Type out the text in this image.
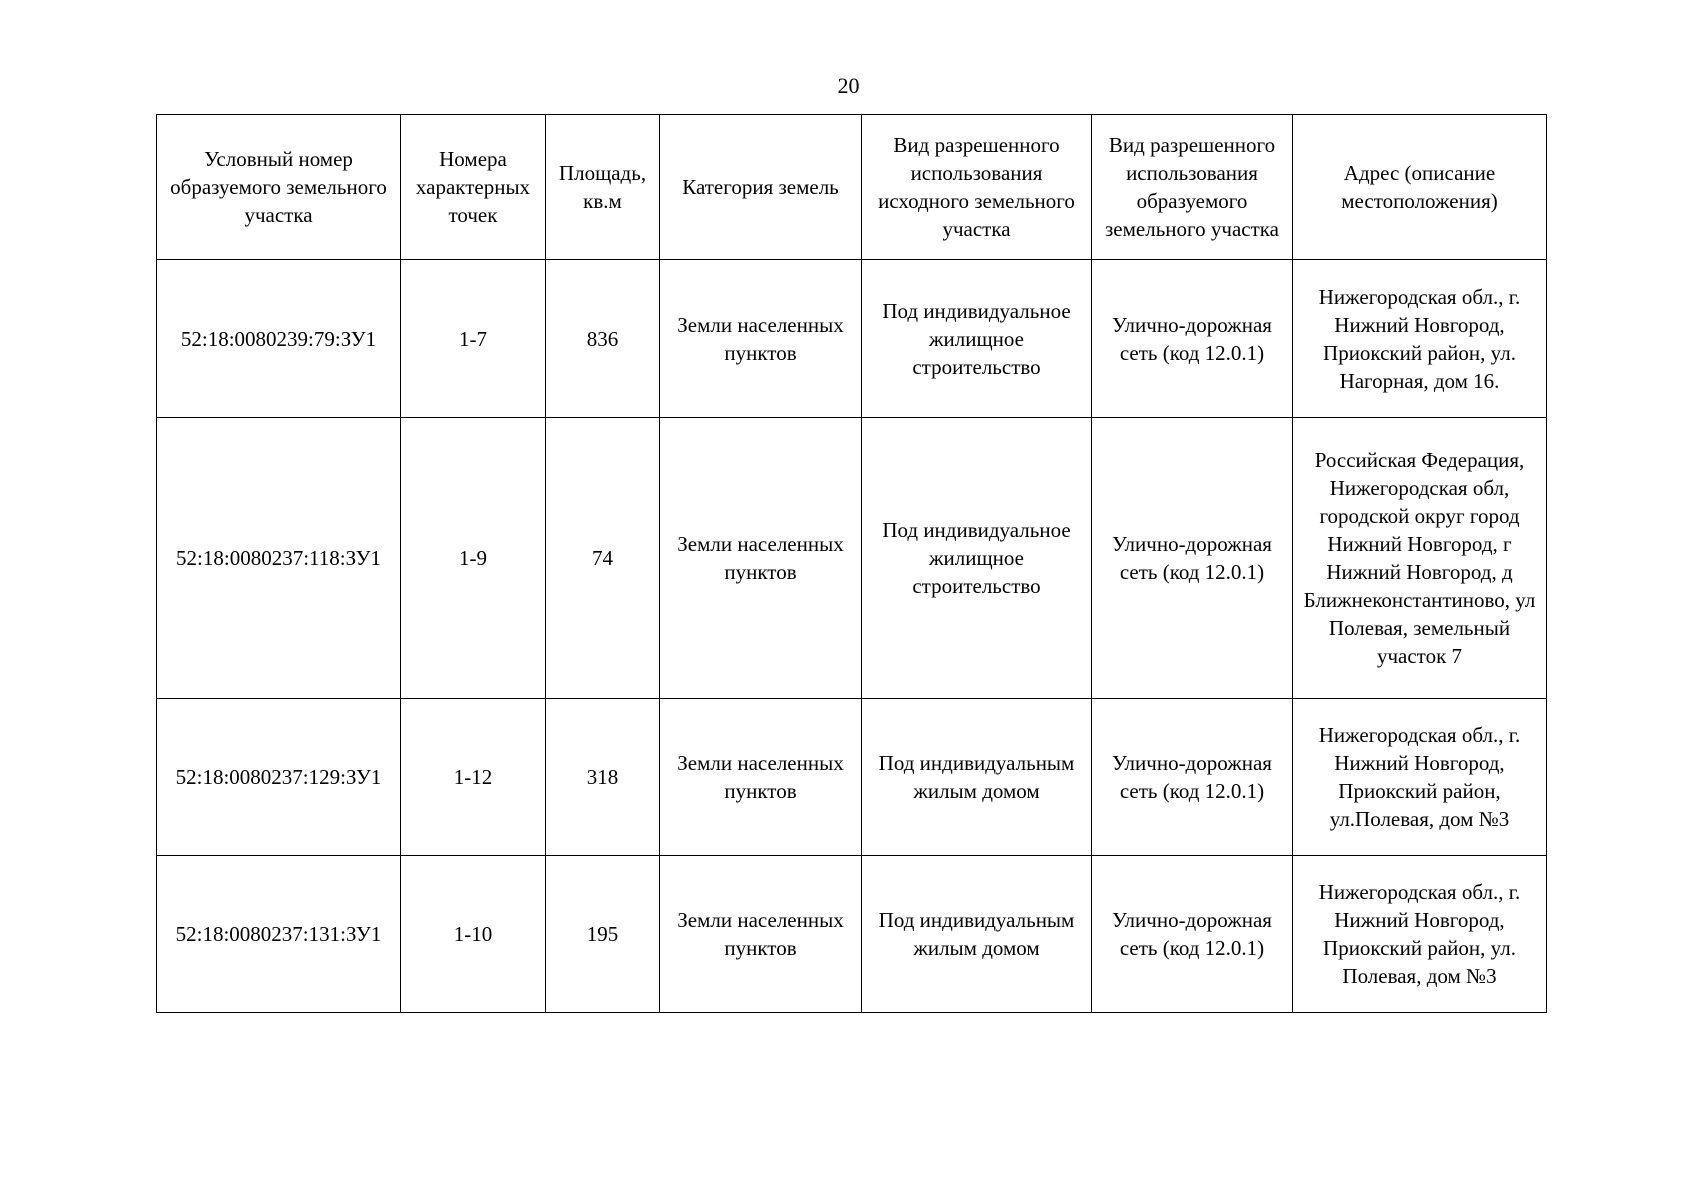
20
Условный номер образуемого земельного участка	Номера характерных точек	Площадь, кв.м	Категория земель	Вид разрешенного использования исходного земельного участка	Вид разрешенного использования образуемого земельного участка	Адрес (описание местоположения)
52:18:0080239:79:ЗУ1	1-7	836	Земли населенных пунктов	Под индивидуальное жилищное строительство	Улично-дорожная сеть (код 12.0.1)	Нижегородская обл., г. Нижний Новгород, Приокский район, ул. Нагорная, дом 16.
52:18:0080237:118:ЗУ1	1-9	74	Земли населенных пунктов	Под индивидуальное жилищное строительство	Улично-дорожная сеть (код 12.0.1)	Российская Федерация, Нижегородская обл, городской округ город Нижний Новгород, г Нижний Новгород, д Ближнеконстантиново, ул Полевая, земельный участок 7
52:18:0080237:129:ЗУ1	1-12	318	Земли населенных пунктов	Под индивидуальным жилым домом	Улично-дорожная сеть (код 12.0.1)	Нижегородская обл., г. Нижний Новгород, Приокский район, ул.Полевая, дом №3
52:18:0080237:131:ЗУ1	1-10	195	Земли населенных пунктов	Под индивидуальным жилым домом	Улично-дорожная сеть (код 12.0.1)	Нижегородская обл., г. Нижний Новгород, Приокский район, ул. Полевая, дом №3
